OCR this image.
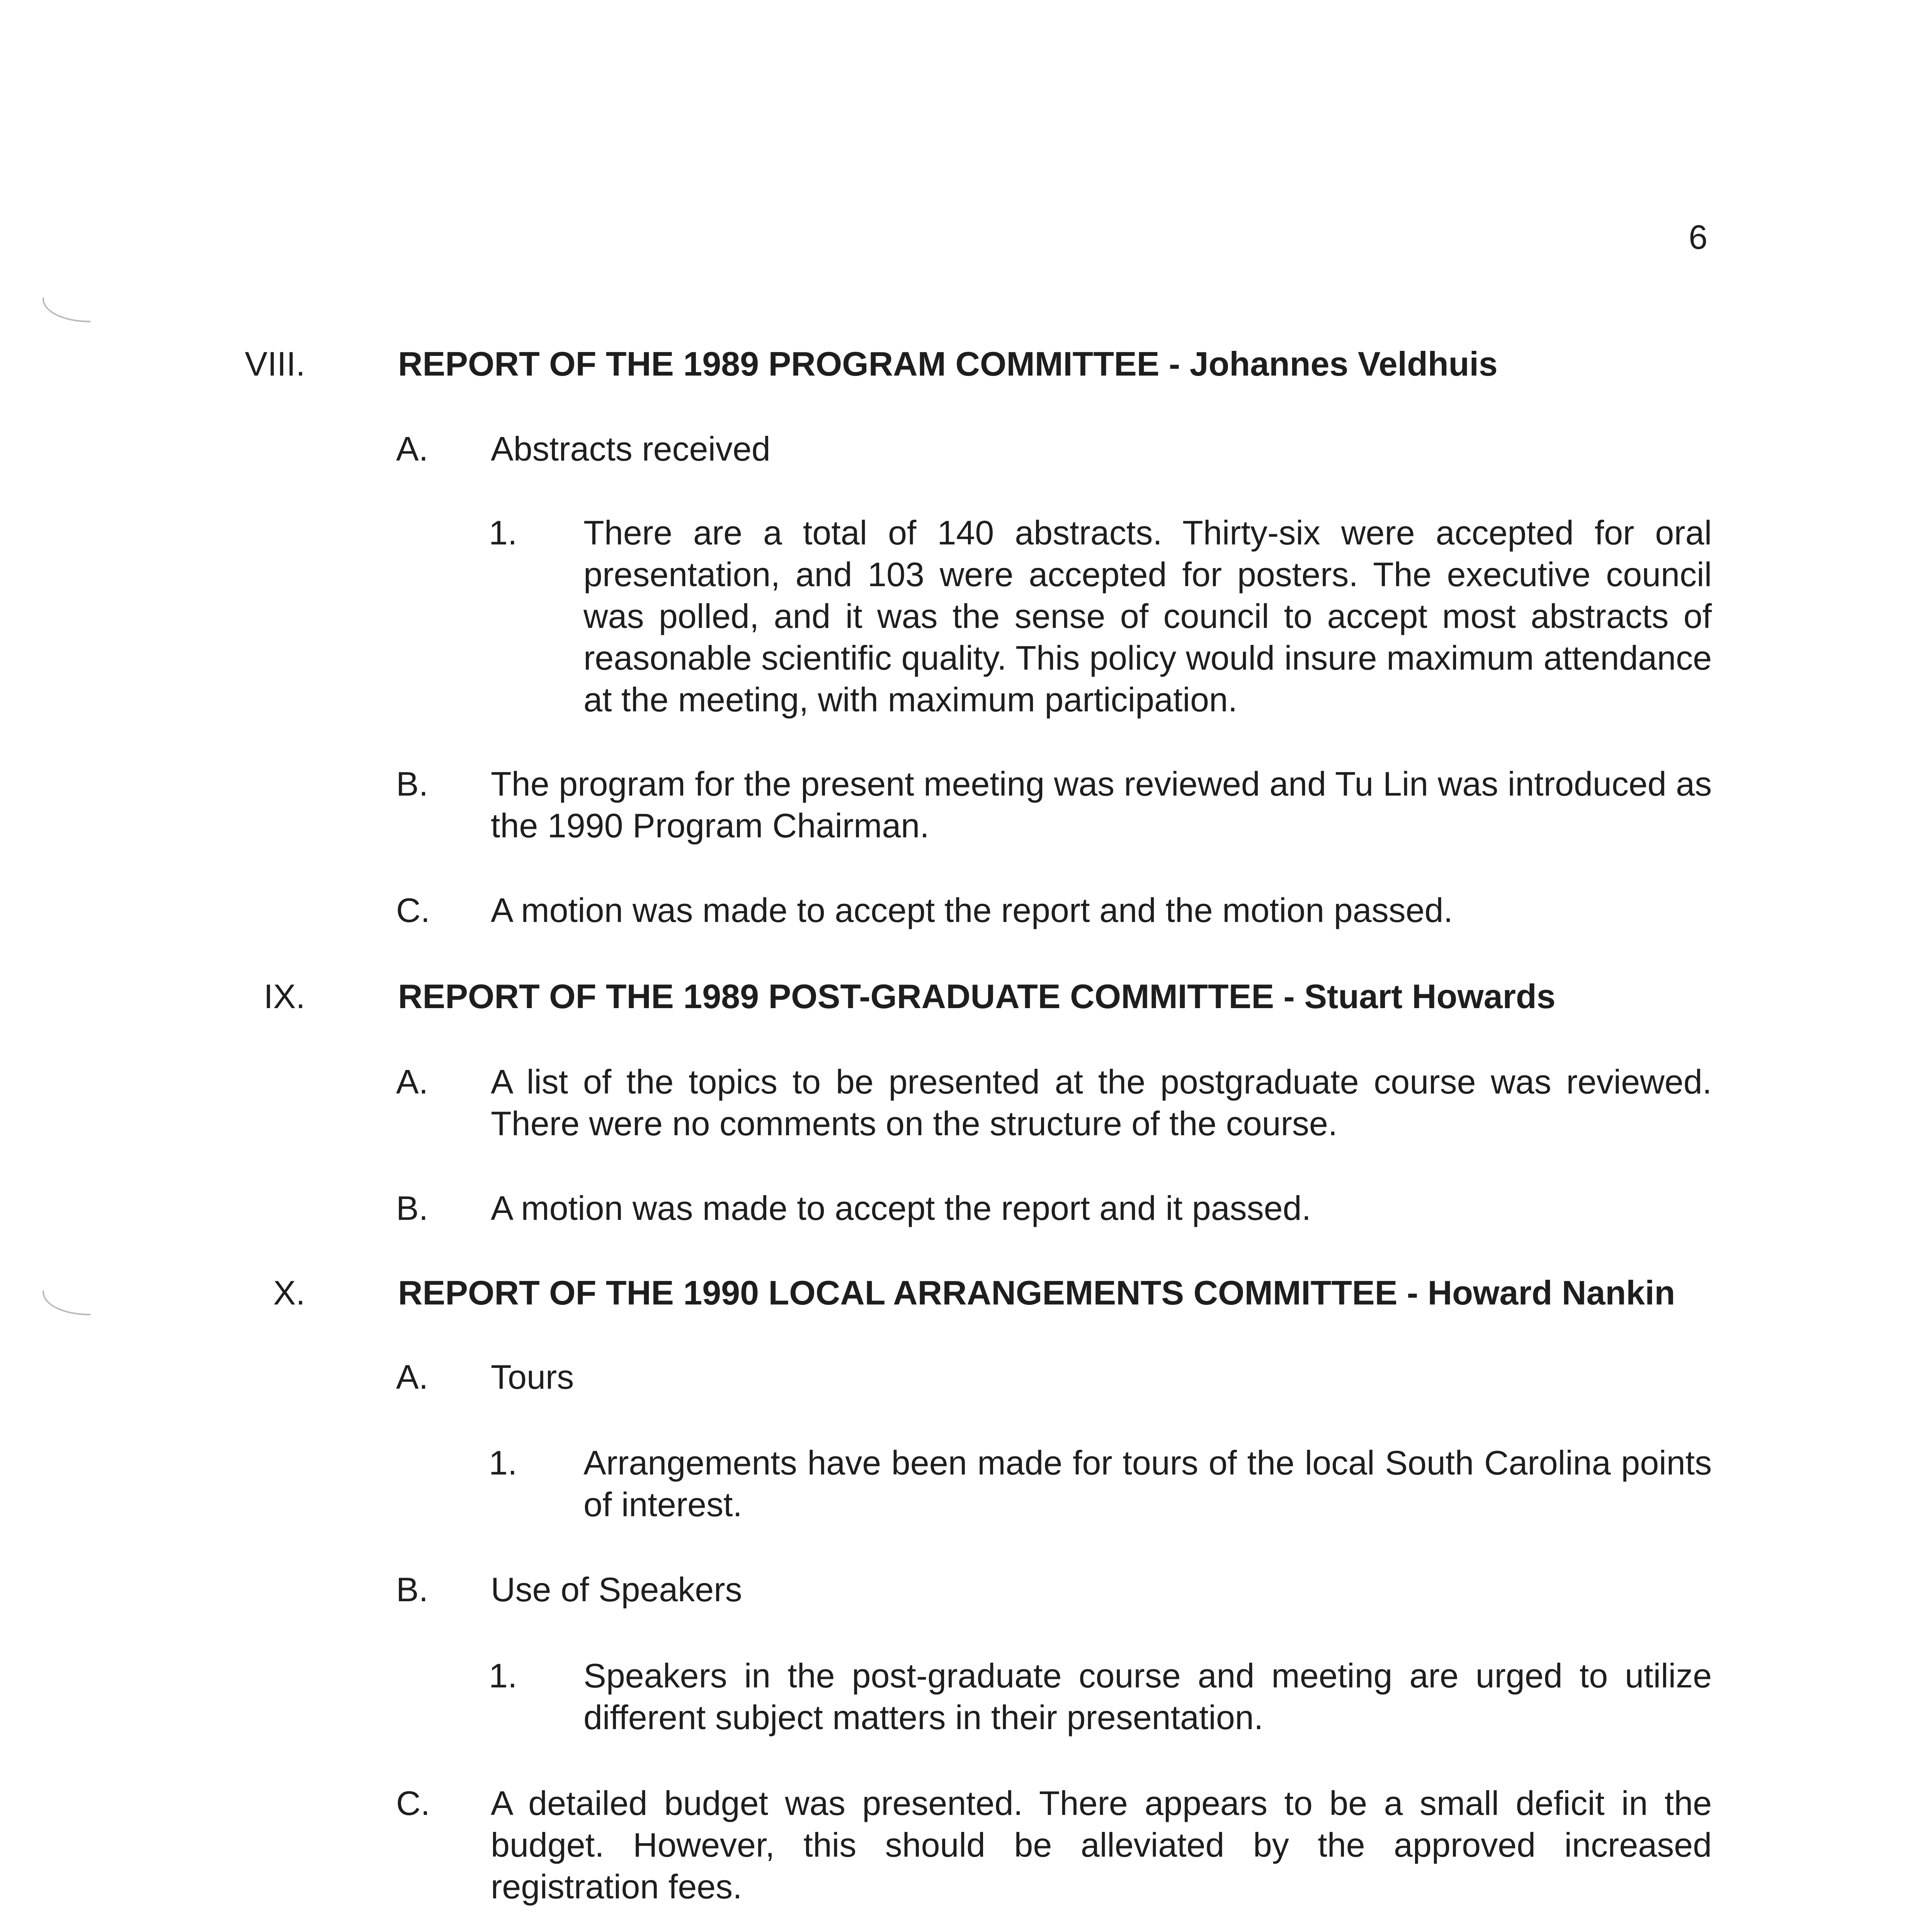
6
VIII.	REPORT OF THE 1989 PROGRAM COMMITTEE - Johannes Veldhuis
A. Abstracts received
1. There are a total of 140 abstracts. Thirty-six were accepted for oral presentation, and 103 were accepted for posters. The executive council was polled, and it was the sense of council to accept most abstracts of reasonable scientific quality. This policy would insure maximum attendance at the meeting, with maximum participation.
B. The program for the present meeting was reviewed and Tu Lin was introduced as the 1990 Program Chairman.
C. A motion was made to accept the report and the motion passed.
IX.	REPORT OF THE 1989 POST-GRADUATE COMMITTEE - Stuart Howards
A. A list of the topics to be presented at the postgraduate course was reviewed. There were no comments on the structure of the course.
B. A motion was made to accept the report and it passed.
X.	REPORT OF THE 1990 LOCAL ARRANGEMENTS COMMITTEE - Howard Nankin
A. Tours
1. Arrangements have been made for tours of the local South Carolina points of interest.
B. Use of Speakers
1. Speakers in the post-graduate course and meeting are urged to utilize different subject matters in their presentation.
C. A detailed budget was presented. There appears to be a small deficit in the budget. However, this should be alleviated by the approved increased registration fees.
